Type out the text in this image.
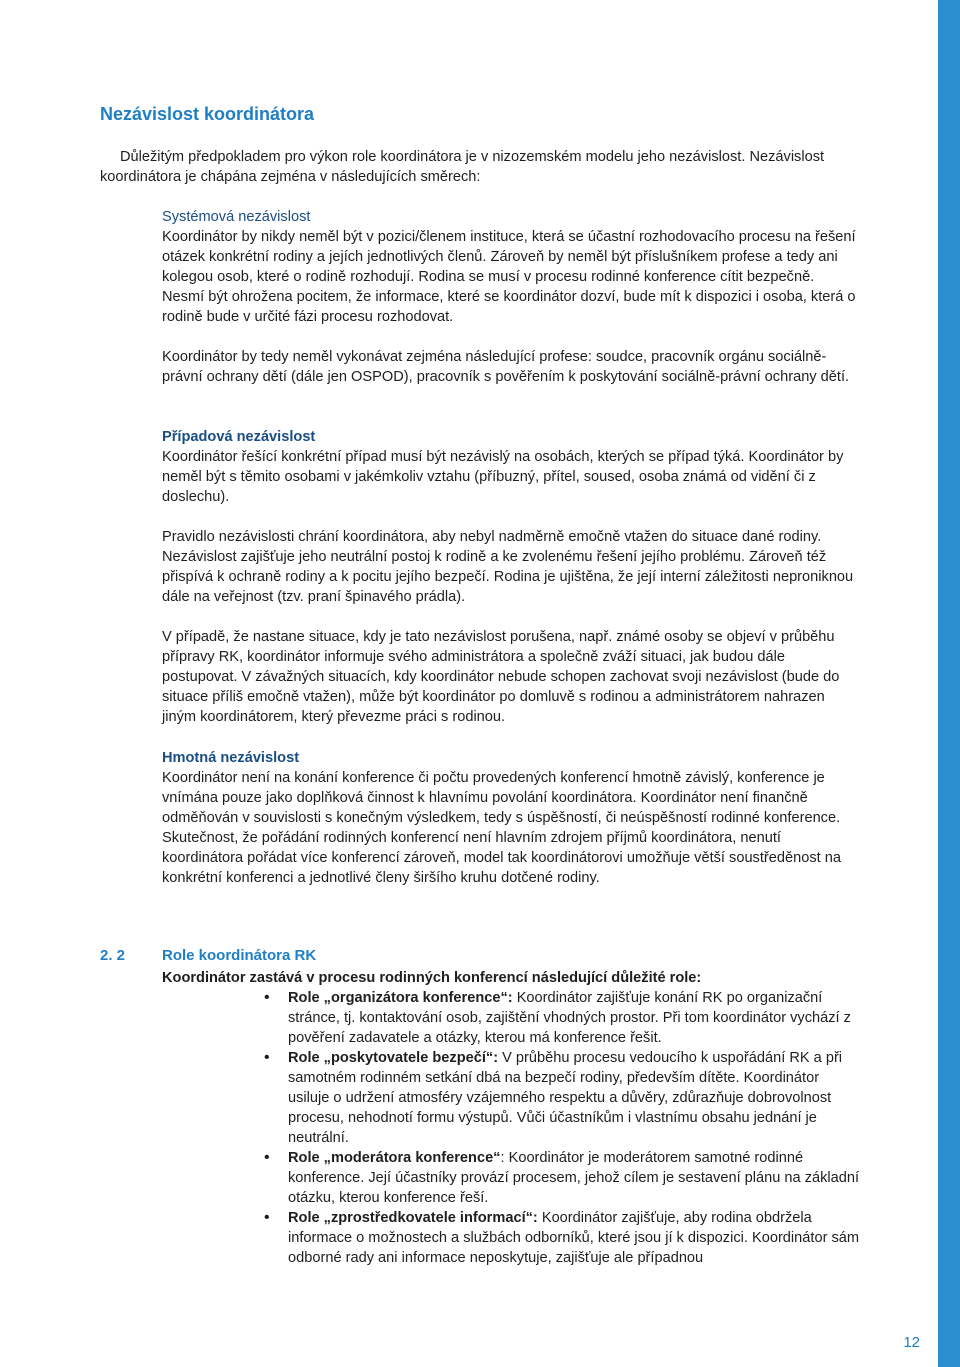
Nezávislost koordinátora

Důležitým předpokladem pro výkon role koordinátora je v nizozemském modelu jeho nezávislost. Nezávislost koordinátora je chápána zejména v následujících směrech:

Systémová nezávislost
Koordinátor by nikdy neměl být v pozici/členem instituce, která se účastní rozhodovacího procesu na řešení otázek konkrétní rodiny a jejích jednotlivých členů. Zároveň by neměl být příslušníkem profese a tedy ani kolegou osob, které o rodině rozhodují. Rodina se musí v procesu rodinné konference cítit bezpečně. Nesmí být ohrožena pocitem, že informace, které se koordinátor dozví, bude mít k dispozici i osoba, která o rodině bude v určité fázi procesu rozhodovat.

Koordinátor by tedy neměl vykonávat zejména následující profese: soudce, pracovník orgánu sociálně-právní ochrany dětí (dále jen OSPOD), pracovník s pověřením k poskytování sociálně-právní ochrany dětí.

Případová nezávislost
Koordinátor řešící konkrétní případ musí být nezávislý na osobách, kterých se případ týká. Koordinátor by neměl být s těmito osobami v jakémkoliv vztahu (příbuzný, přítel, soused, osoba známá od vidění či z doslechu).

Pravidlo nezávislosti chrání koordinátora, aby nebyl nadměrně emočně vtažen do situace dané rodiny. Nezávislost zajišťuje jeho neutrální postoj k rodině a ke zvolenému řešení jejího problému. Zároveň též přispívá k ochraně rodiny a k pocitu jejího bezpečí. Rodina je ujištěna, že její interní záležitosti neproniknou dále na veřejnost (tzv. praní špinavého prádla).

V případě, že nastane situace, kdy je tato nezávislost porušena, např. známé osoby se objeví v průběhu přípravy RK, koordinátor informuje svého administrátora a společně zváží situaci, jak budou dále postupovat. V závažných situacích, kdy koordinátor nebude schopen zachovat svoji nezávislost (bude do situace příliš emočně vtažen), může být koordinátor po domluvě s rodinou a administrátorem nahrazen jiným koordinátorem, který převezme práci s rodinou.

Hmotná nezávislost
Koordinátor není na konání konference či počtu provedených konferencí hmotně závislý, konference je vnímána pouze jako doplňková činnost k hlavnímu povolání koordinátora. Koordinátor není finančně odměňován v souvislosti s konečným výsledkem, tedy s úspěšností, či neúspěšností rodinné konference. Skutečnost, že pořádání rodinných konferencí není hlavním zdrojem příjmů koordinátora, nenutí koordinátora pořádat více konferencí zároveň, model tak koordinátorovi umožňuje větší soustředěnost na konkrétní konferenci a jednotlivé členy širšího kruhu dotčené rodiny.
2. 2 Role koordinátora RK
Koordinátor zastává v procesu rodinných konferencí následující důležité role:
• Role „organizátora konference“: Koordinátor zajišťuje konání RK po organizační stránce, tj. kontaktování osob, zajištění vhodných prostor. Při tom koordinátor vychází z pověření zadavatele a otázky, kterou má konference řešit.
• Role „poskytovatele bezpečí“: V průběhu procesu vedoucího k uspořádání RK a při samotném rodinném setkání dbá na bezpečí rodiny, především dítěte. Koordinátor usiluje o udržení atmosféry vzájemného respektu a důvěry, zdůrazňuje dobrovolnost procesu, nehodnotí formu výstupů. Vůči účastníkům i vlastnímu obsahu jednání je neutrální.
• Role „moderátora konference“: Koordinátor je moderátorem samotné rodinné konference. Její účastníky provází procesem, jehož cílem je sestavení plánu na základní otázku, kterou konference řeší.
• Role „zprostředkovatele informací“: Koordinátor zajišťuje, aby rodina obdržela informace o možnostech a službách odborníků, které jsou jí k dispozici. Koordinátor sám odborné rady ani informace neposkytuje, zajišťuje ale případnou
12
